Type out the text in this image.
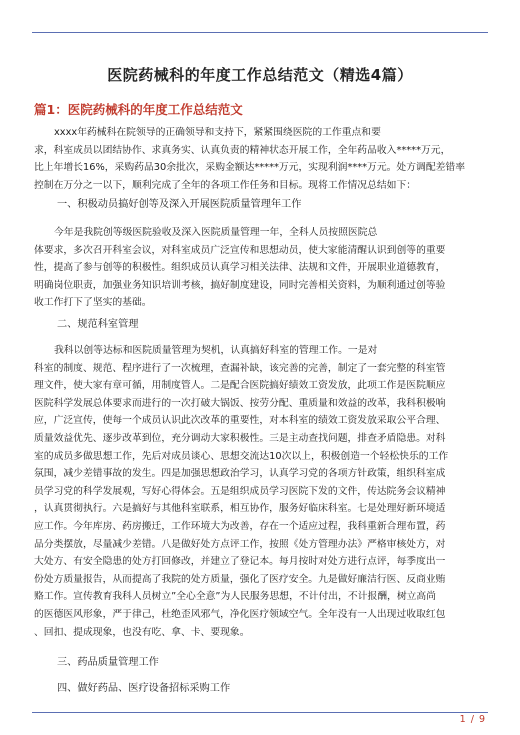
医院药械科的年度工作总结范文（精选4篇）
篇1：医院药械科的年度工作总结范文

xxxx年药械科在院领导的正确领导和支持下，紧紧围绕医院的工作重点和要

求，科室成员以团结协作、求真务实、认真负责的精神状态开展工作，全年药品收入*****万元，

比上年增长16%，采购药品30余批次，采购金额达*****万元，实现利润****万元。处方调配差错率

控制在万分之一以下，顺利完成了全年的各项工作任务和目标。现将工作情况总结如下：

一、积极动员搞好创等及深入开展医院质量管理年工作

今年是我院创等级医院验收及深入医院质量管理一年，全科人员按照医院总

体要求，多次召开科室会议，对科室成员广泛宣传和思想动员，使大家能清醒认识到创等的重要

性，提高了参与创等的积极性。组织成员认真学习相关法律、法规和文件，开展职业道德教育，

明确岗位职责，加强业务知识培训考核，搞好制度建设，同时完善相关资料，为顺利通过创等验

收工作打下了坚实的基础。

二、规范科室管理

我科以创等达标和医院质量管理为契机，认真搞好科室的管理工作。一是对

科室的制度、规范、程序进行了一次梳理，查漏补缺，该完善的完善，制定了一套完整的科室管

理文件，使大家有章可循，用制度管人。二是配合医院搞好绩效工资发放，此项工作是医院顺应

医院科学发展总体要求而进行的一次打破大锅饭、按劳分配、重质量和效益的改革，我科积极响

应，广泛宣传，使每一个成员认识此次改革的重要性，对本科室的绩效工资发放采取公平合理、

质量效益优先、逐步改革到位，充分调动大家积极性。三是主动查找问题，排查矛盾隐患。对科

室的成员多做思想工作，先后对成员谈心、思想交流达10次以上，积极创造一个轻松快乐的工作

氛围，减少差错事故的发生。四是加强思想政治学习，认真学习党的各项方针政策，组织科室成

员学习党的科学发展观，写好心得体会。五是组织成员学习医院下发的文件，传达院务会议精神

，认真贯彻执行。六是搞好与其他科室联系，相互协作，服务好临床科室。七是处理好新环境适

应工作。今年库房、药房搬迁，工作环境大为改善，存在一个适应过程，我科重新合理布置，药

品分类摆放，尽量减少差错。八是做好处方点评工作，按照《处方管理办法》严格审核处方，对

大处方、有安全隐患的处方打回修改，并建立了登记本。每月按时对处方进行点评，每季度出一

份处方质量报告，从而提高了我院的处方质量，强化了医疗安全。九是做好廉洁行医、反商业贿

赂工作。宣传教育我科人员树立”全心全意”为人民服务思想，不计付出，不计报酬，树立高尚

的医德医风形象，严于律己，杜绝歪风邪气，净化医疗领域空气。全年没有一人出现过收取红包

、回扣、提成现象，也没有吃、拿、卡、要现象。

三、药品质量管理工作

四、做好药品、医疗设备招标采购工作

1 / 9
